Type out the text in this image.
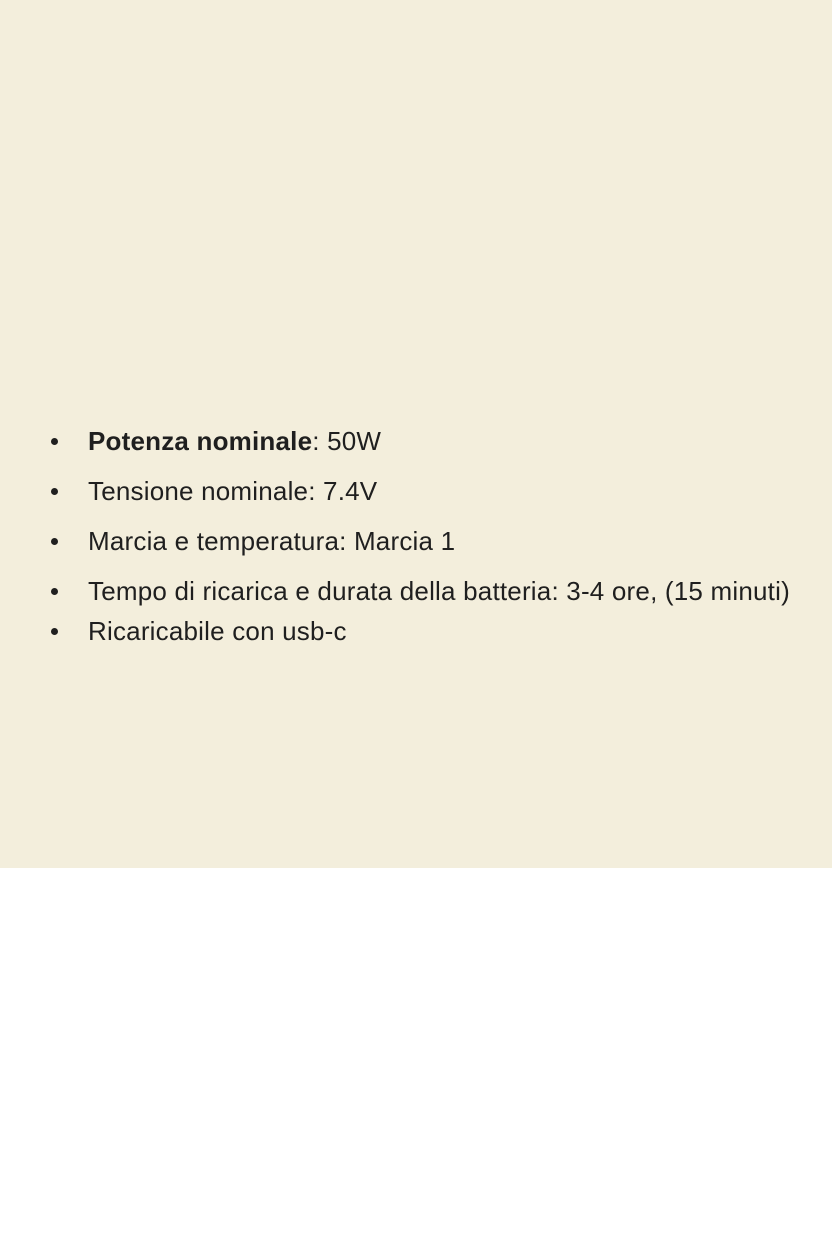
Potenza nominale: 50W
Tensione nominale: 7.4V
Marcia e temperatura: Marcia 1
Tempo di ricarica e durata della batteria: 3-4 ore, (15 minuti)
Ricaricabile con usb-c
